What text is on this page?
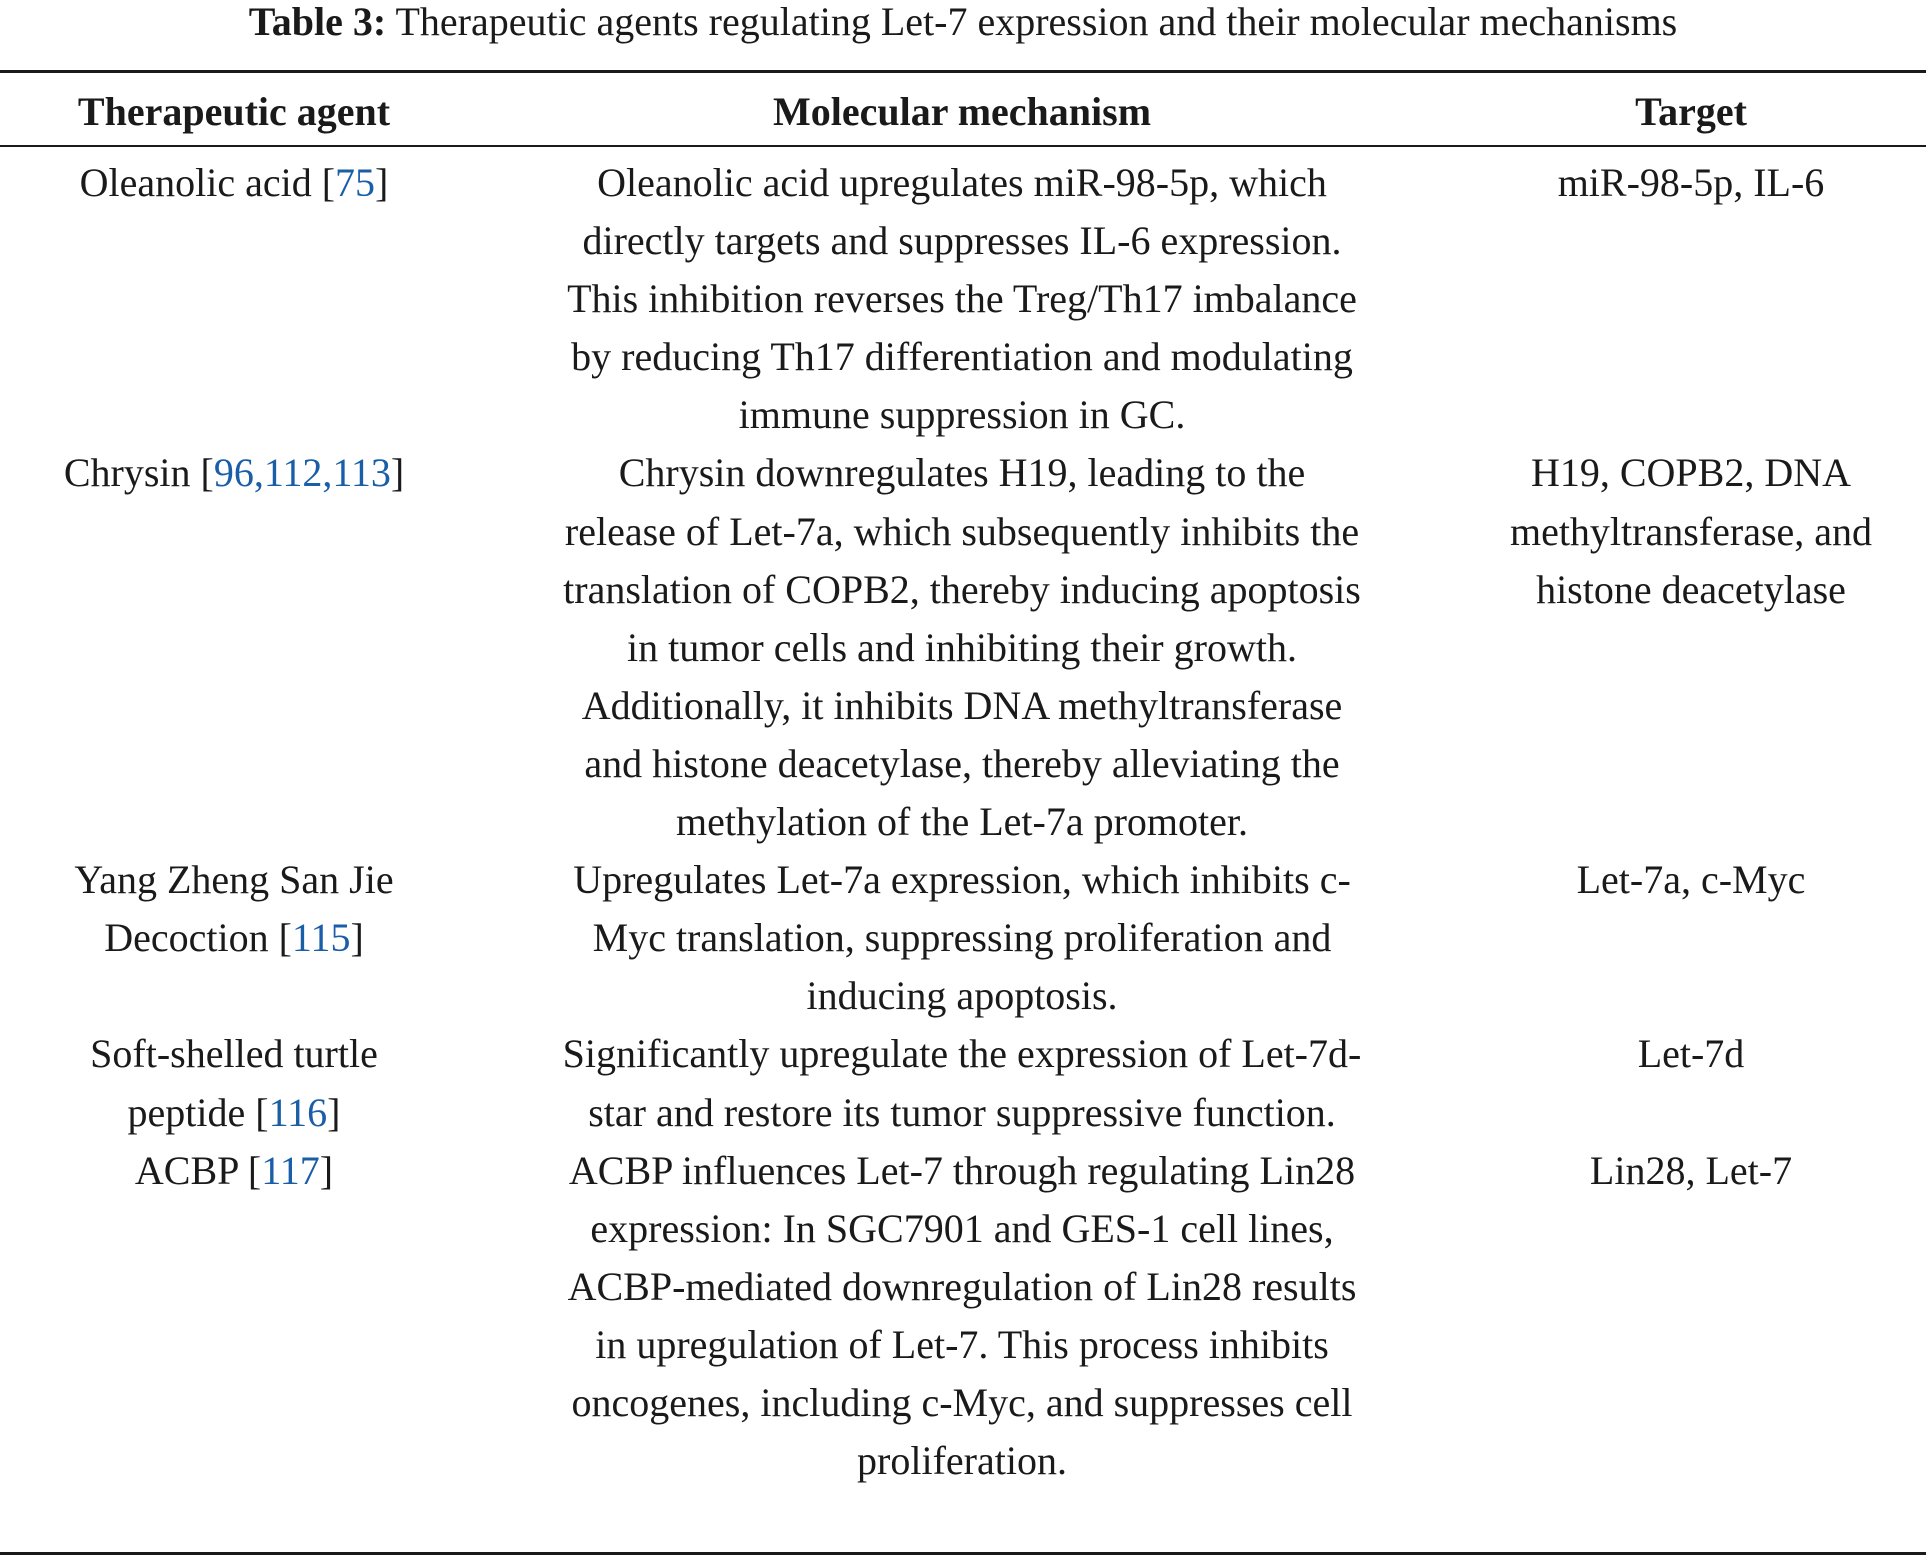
Table 3: Therapeutic agents regulating Let-7 expression and their molecular mechanisms
Therapeutic agent	Molecular mechanism	Target
Oleanolic acid [75]	Oleanolic acid upregulates miR-98-5p, which directly targets and suppresses IL-6 expression. This inhibition reverses the Treg/Th17 imbalance by reducing Th17 differentiation and modulating immune suppression in GC.	miR-98-5p, IL-6
Chrysin [96,112,113]	Chrysin downregulates H19, leading to the release of Let-7a, which subsequently inhibits the translation of COPB2, thereby inducing apoptosis in tumor cells and inhibiting their growth. Additionally, it inhibits DNA methyltransferase and histone deacetylase, thereby alleviating the methylation of the Let-7a promoter.	H19, COPB2, DNA methyltransferase, and histone deacetylase

Yang Zheng San Jie Decoction [115]	Upregulates Let-7a expression, which inhibits c-Myc translation, suppressing proliferation and inducing apoptosis.	Let-7a, c-Myc

Soft-shelled turtle peptide [116]	Significantly upregulate the expression of Let-7d-star and restore its tumor suppressive function.	Let-7d
ACBP [117]	ACBP influences Let-7 through regulating Lin28 expression: In SGC7901 and GES-1 cell lines, ACBP-mediated downregulation of Lin28 results in upregulation of Let-7. This process inhibits oncogenes, including c-Myc, and suppresses cell proliferation.	Lin28, Let-7
